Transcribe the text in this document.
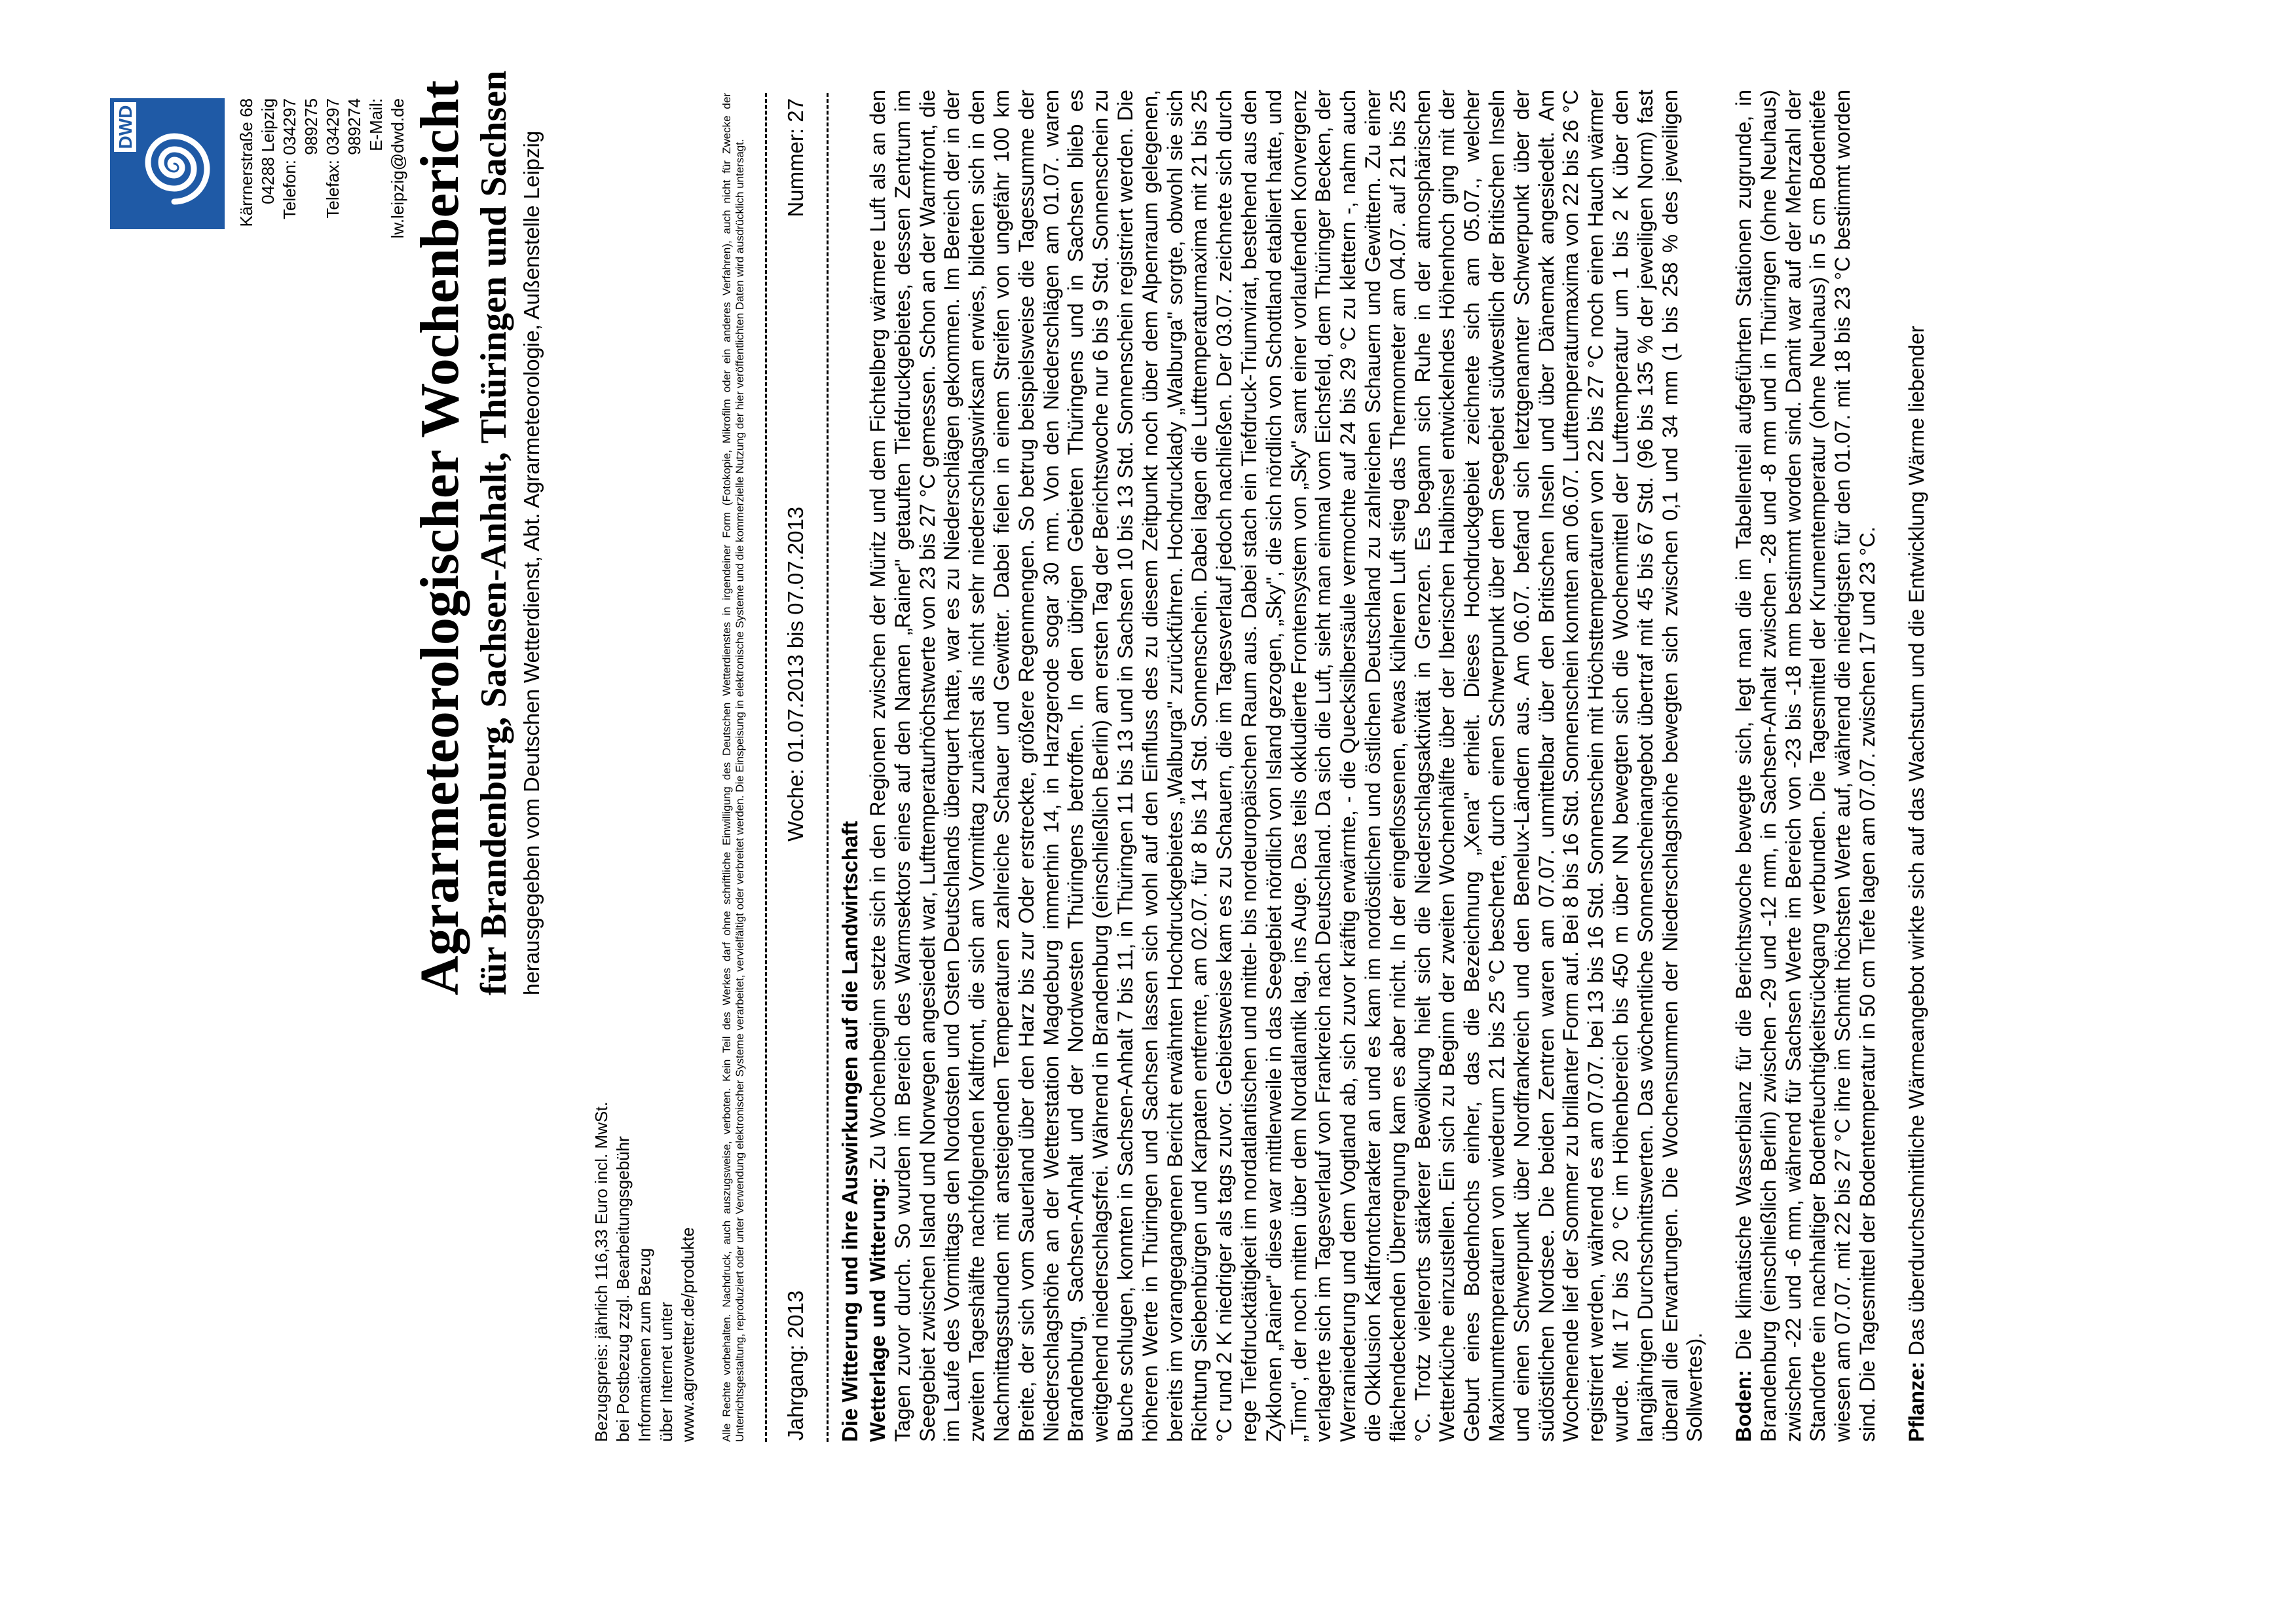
DWD	Kärrnerstraße 68 04288 Leipzig Telefon: 034297 989275 Telefax: 034297 989274 E-Mail: lw.leipzig@dwd.de Agrarmeteorologischer Wochenbericht für Brandenburg, Sachsen-Anhalt, Thüringen und Sachsen herausgegeben vom Deutschen Wetterdienst, Abt. Agrarmeteorologie, Außenstelle Leipzig
Bezugspreis: jährlich 116,33 Euro incl. MwSt. bei Postbezug zzgl. Bearbeitungsgebühr Informationen zum Bezug über Internet unter www.agrowetter.de/produkte Alle Rechte vorbehalten. Nachdruck, auch auszugsweise, verboten. Kein Teil des Werkes darf ohne schriftliche Einwilligung des Deutschen Wetterdienstes in irgendeiner Form (Fotokopie, Mikrofilm oder ein anderes Verfahren), auch nicht für Zwecke der Unterrichtsgestaltung, reproduziert oder unter Verwendung elektronischer Systeme verarbeitet, vervielfältigt oder verbreitet werden. Die Einspeisung in elektronische Systeme und die kommerzielle Nutzung der hier veröffentlichten Daten wird ausdrücklich untersagt. Jahrgang: 2013
Woche: 01.07.2013 bis 07.07.2013
Nummer: 27
Die Witterung und ihre Auswirkungen auf die Landwirtschaft Wetterlage und Witterung: Zu Wochenbeginn setzte sich in den Regionen zwischen der Müritz und dem Fichtelberg wärmere Luft als an den Tagen zuvor durch. So wurden im Bereich des Warmsektors eines auf den Namen „Rainer" getauften Tiefdruckgebietes, dessen Zentrum im Seegebiet zwischen Island und Norwegen angesiedelt war, Lufttemperaturhöchstwerte von 23 bis 27 °C gemessen. Schon an der Warmfront, die im Laufe des Vormittags den Nordosten und Osten Deutschlands überquert hatte, war es zu Niederschlägen gekommen. Im Bereich der in der zweiten Tageshälfte nachfolgenden Kaltfront, die sich am Vormittag zunächst als nicht sehr niederschlagswirksam erwies, bildeten sich in den Nachmittagsstunden mit ansteigenden Temperaturen zahlreiche Schauer und Gewitter. Dabei fielen in einem Streifen von ungefähr 100 km Breite, der sich vom Sauerland über den Harz bis zur Oder erstreckte, größere Regenmengen. So betrug beispielsweise die Tagessumme der Niederschlagshöhe an der Wetterstation Magdeburg immerhin 14, in Harzgerode sogar 30 mm. Von den Niederschlägen am 01.07. waren Brandenburg, Sachsen-Anhalt und der Nordwesten Thüringens betroffen. In den übrigen Gebieten Thüringens und in Sachsen blieb es weitgehend niederschlagsfrei. Während in Brandenburg (einschließlich Berlin) am ersten Tag der Berichtswoche nur 6 bis 9 Std. Sonnenschein zu Buche schlugen, konnten in Sachsen-Anhalt 7 bis 11, in Thüringen 11 bis 13 und in Sachsen 10 bis 13 Std. Sonnenschein registriert werden. Die höheren Werte in Thüringen und Sachsen lassen sich wohl auf den Einfluss des zu diesem Zeitpunkt noch über dem Alpenraum gelegenen, bereits im vorangegangenen Bericht erwähnten Hochdruckgebietes „Walburga" zurückführen. Hochdrucklady „Walburga" sorgte, obwohl sie sich Richtung Siebenbürgen und Karpaten entfernte, am 02.07. für 8 bis 14 Std. Sonnenschein. Dabei lagen die Lufttemperaturmaxima mit 21 bis 25 °C rund 2 K niedriger als tags zuvor. Gebietsweise kam es zu Schauern, die im Tagesverlauf jedoch nachließen. Der 03.07. zeichnete sich durch rege Tiefdrucktätigkeit im nordatlantischen und mittel- bis nordeuropäischen Raum aus. Dabei stach ein Tiefdruck-Triumvirat, bestehend aus den Zyklonen „Rainer" diese war mittlerweile in das Seegebiet nördlich von Island gezogen, „Sky", die sich nördlich von Schottland etabliert hatte, und „Timo", der noch mitten über dem Nordatlantik lag, ins Auge. Das teils okkludierte Frontensystem von „Sky" samt einer vorlaufenden Konvergenz verlagerte sich im Tagesverlauf von Frankreich nach Deutschland. Da sich die Luft, sieht man einmal vom Eichsfeld, dem Thüringer Becken, der Werraniederung und dem Vogtland ab, sich zuvor kräftig erwärmte, - die Quecksilbersäule vermochte auf 24 bis 29 °C zu klettern -, nahm auch die Okklusion Kaltfrontcharakter an und es kam im nordöstlichen und östlichen Deutschland zu zahlreichen Schauern und Gewittern. Zu einer flächendeckenden Überregnung kam es aber nicht. In der eingeflossenen, etwas kühleren Luft stieg das Thermometer am 04.07. auf 21 bis 25 °C. Trotz vielerorts stärkerer Bewölkung hielt sich die Niederschlagsaktivität in Grenzen. Es begann sich Ruhe in der atmosphärischen Wetterküche einzustellen. Ein sich zu Beginn der zweiten Wochenhälfte über der Iberischen Halbinsel entwickelndes Höhenhoch ging mit der Geburt eines Bodenhochs einher, das die Bezeichnung „Xena" erhielt. Dieses Hochdruckgebiet zeichnete sich am 05.07., welcher Maximumtemperaturen von wiederum 21 bis 25 °C bescherte, durch einen Schwerpunkt über dem Seegebiet südwestlich der Britischen Inseln und einen Schwerpunkt über Nordfrankreich und den Benelux-Ländern aus. Am 06.07. befand sich letztgenannter Schwerpunkt über der südöstlichen Nordsee. Die beiden Zentren waren am 07.07. unmittelbar über den Britischen Inseln und über Dänemark angesiedelt. Am Wochenende lief der Sommer zu brillanter Form auf. Bei 8 bis 16 Std. Sonnenschein konnten am 06.07. Lufttemperaturmaxima von 22 bis 26 °C registriert werden, während es am 07.07. bei 13 bis 16 Std. Sonnenschein mit Höchsttemperaturen von 22 bis 27 °C noch einen Hauch wärmer wurde. Mit 17 bis 20 °C im Höhenbereich bis 450 m über NN bewegten sich die Wochenmittel der Lufttemperatur um 1 bis 2 K über den langjährigen Durchschnittswerten. Das wöchentliche Sonnenscheinangebot übertraf mit 45 bis 67 Std. (96 bis 135 % der jeweiligen Norm) fast überall die Erwartungen. Die Wochensummen der Niederschlagshöhe bewegten sich zwischen 0,1 und 34 mm (1 bis 258 % des jeweiligen Sollwertes). Boden: Die klimatische Wasserbilanz für die Berichtswoche bewegte sich, legt man die im Tabellenteil aufgeführten Stationen zugrunde, in Brandenburg (einschließlich Berlin) zwischen -29 und -12 mm, in Sachsen-Anhalt zwischen -28 und -8 mm und in Thüringen (ohne Neuhaus) zwischen -22 und -6 mm, während für Sachsen Werte im Bereich von -23 bis -18 mm bestimmt worden sind. Damit war auf der Mehrzahl der Standorte ein nachhaltiger Bodenfeuchtigkeitsrückgang verbunden. Die Tagesmittel der Krumentemperatur (ohne Neuhaus) in 5 cm Bodentiefe wiesen am 07.07. mit 22 bis 27 °C ihre im Schnitt höchsten Werte auf, während die niedrigsten für den 01.07. mit 18 bis 23 °C bestimmt worden sind. Die Tagesmittel der Bodentemperatur in 50 cm Tiefe lagen am 07.07. zwischen 17 und 23 °C. Pflanze: Das überdurchschnittliche Wärmeangebot wirkte sich auf das Wachstum und die Entwicklung Wärme liebender
